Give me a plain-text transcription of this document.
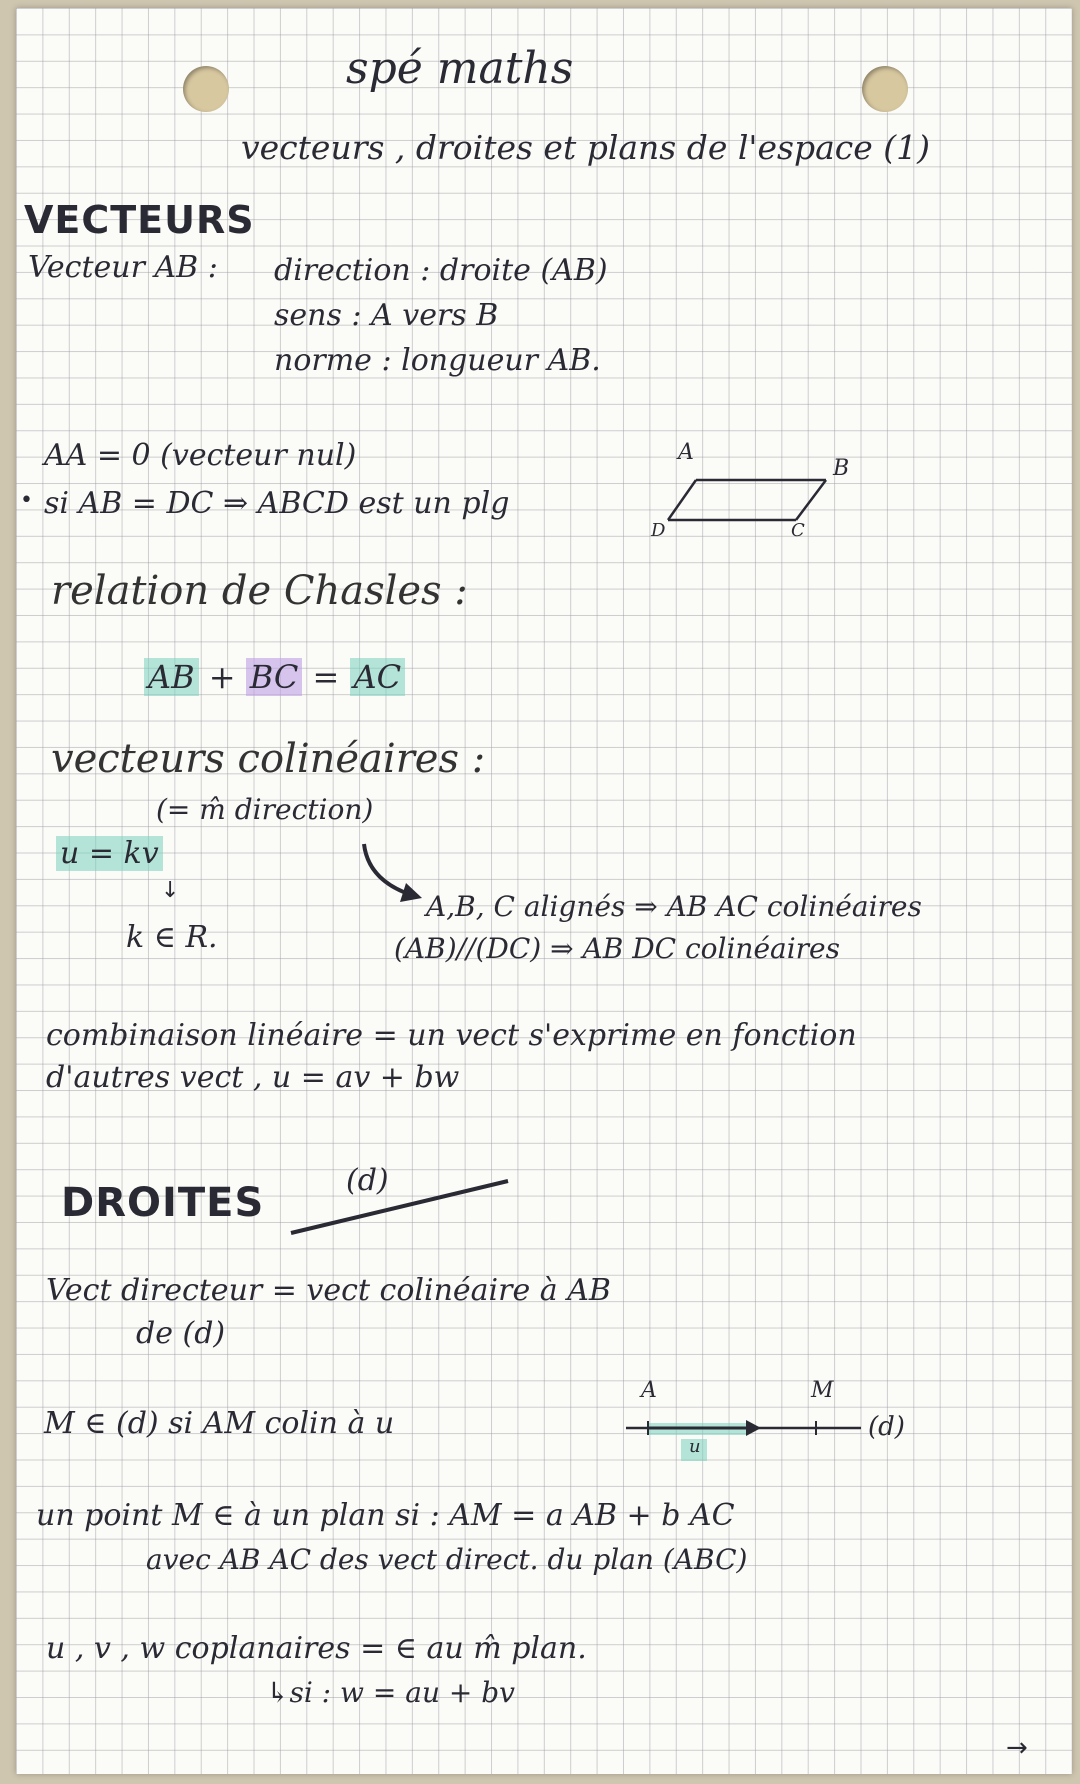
spé maths
vecteurs , droites et plans de l'espace (1)
VECTEURS
Vecteur AB : direction : droite (AB)
sens : A vers B
norme : longueur AB.
AA = 0 (vecteur nul)
• si AB = DC ⇒ ABCD est un plg
A
B
C
D
relation de Chasles :
AB + BC = AC
vecteurs colinéaires :
(= m̂ direction)
u = kv
↓
k ∈ R.
A,B, C alignés ⇒ AB AC colinéaires
(AB)//(DC) ⇒ AB DC colinéaires
combinaison linéaire = un vect s'exprime en fonction
d'autres vect , u = av + bw
DROITES	(d)
Vect directeur = vect colinéaire à AB
de (d)
M ∈ (d) si AM colin à u
A	M
u
(d)
un point M ∈ à un plan si : AM = a AB + b AC
avec AB AC des vect direct. du plan (ABC)
u , v , w coplanaires = ∈ au m̂ plan.
↳si : w = au + bv
→
